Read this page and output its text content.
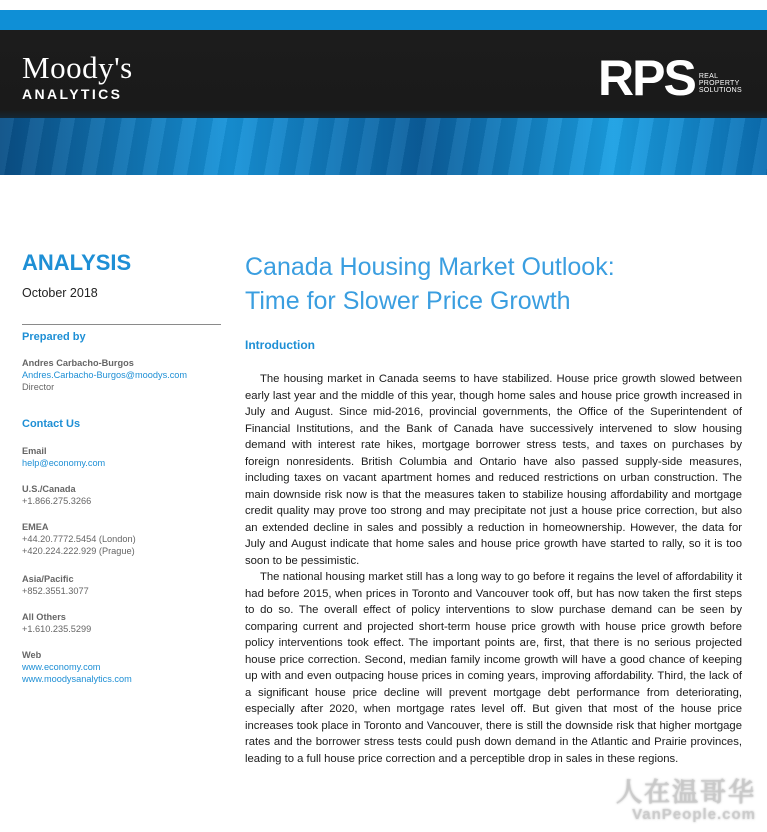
Moody's
ANALYTICS	RPS REAL
PROPERTY
SOLUTIONS
ANALYSIS
October 2018
Prepared by
Andres Carbacho-Burgos
Andres.Carbacho-Burgos@moodys.com
Director
Contact Us
Email
help@economy.com
U.S./Canada
+1.866.275.3266
EMEA
+44.20.7772.5454 (London)
+420.224.222.929 (Prague)
Asia/Pacific
+852.3551.3077
All Others
+1.610.235.5299
Web
www.economy.com
www.moodysanalytics.com
Canada Housing Market Outlook:
Time for Slower Price Growth
Introduction

The housing market in Canada seems to have stabilized. House price growth slowed between early last year and the middle of this year, though home sales and house price growth increased in July and August. Since mid-2016, provincial governments, the Office of the Superintendent of Financial Institutions, and the Bank of Canada have successively intervened to slow housing demand with interest rate hikes, mortgage borrower stress tests, and taxes on purchases by foreign nonresidents. British Columbia and Ontario have also passed supply-side measures, including taxes on vacant apartment homes and reduced restrictions on urban construction. The main downside risk now is that the measures taken to stabilize housing affordability and mortgage credit quality may prove too strong and may precipitate not just a house price correction, but also an extended decline in sales and possibly a reduction in homeownership. However, the data for July and August indicate that home sales and house price growth have started to rally, so it is too soon to be pessimistic.

The national housing market still has a long way to go before it regains the level of affordability it had before 2015, when prices in Toronto and Vancouver took off, but has now taken the first steps to do so. The overall effect of policy interventions to slow purchase demand can be seen by comparing current and projected short-term house price growth with house price growth before policy interventions took effect. The important points are, first, that there is no serious projected house price correction. Second, median family income growth will have a good chance of keeping up with and even outpacing house prices in coming years, improving affordability. Third, the lack of a significant house price decline will prevent mortgage debt performance from deteriorating, especially after 2020, when mortgage rates level off. But given that most of the house price increases took place in Toronto and Vancouver, there is still the downside risk that higher mortgage rates and the borrower stress tests could push down demand in the Atlantic and Prairie provinces, leading to a full house price correction and a perceptible drop in sales in these regions.

人在温哥华
VanPeople.com
